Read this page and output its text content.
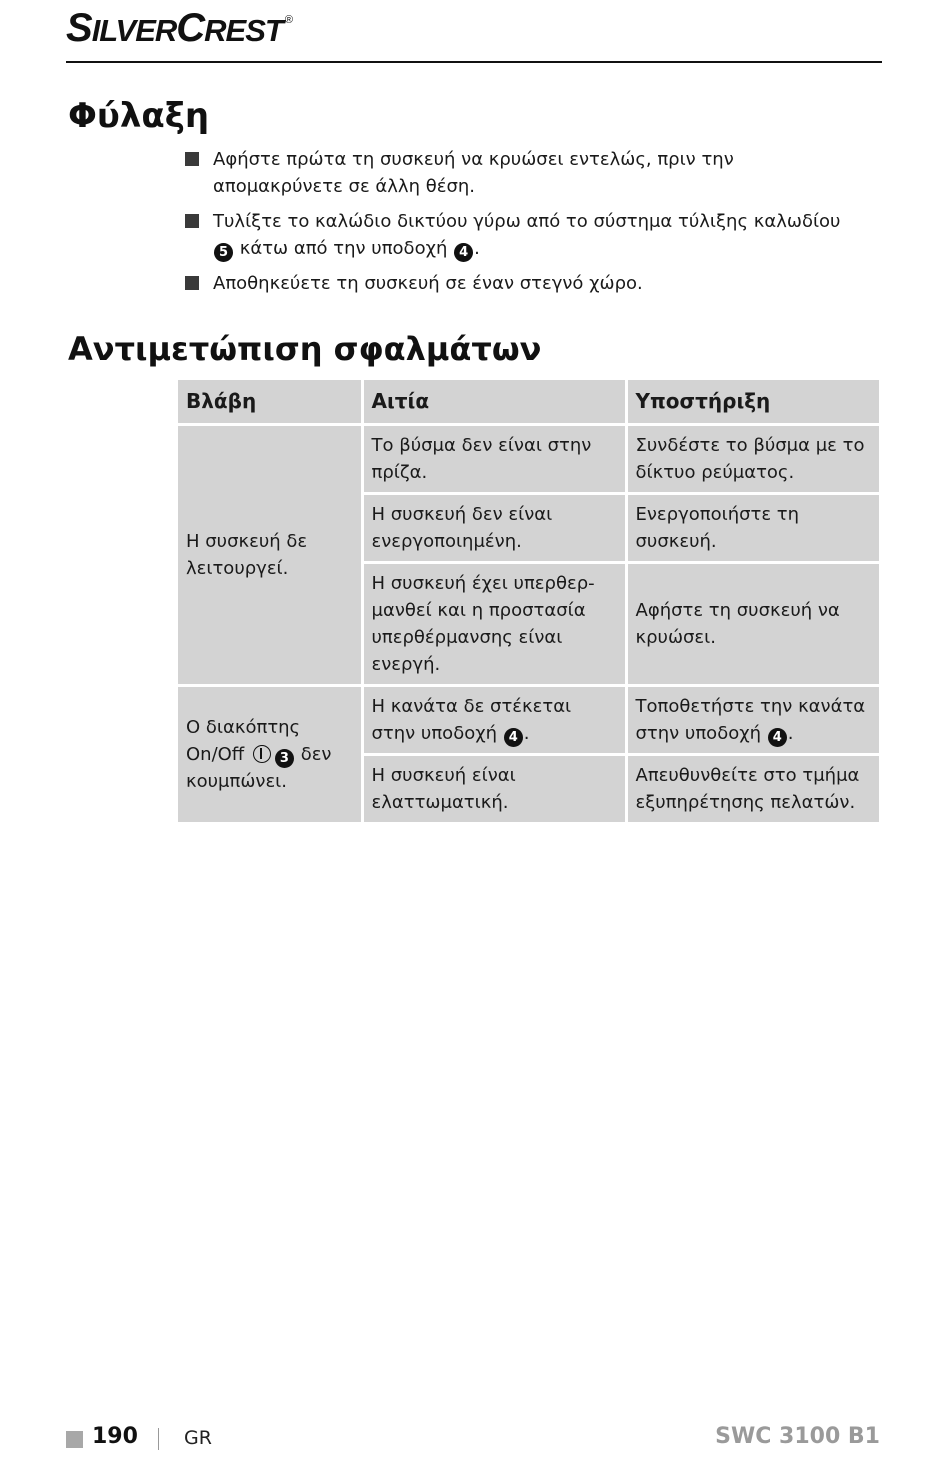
SILVERCREST ®
Φύλαξη
Αφήστε πρώτα τη συσκευή να κρυώσει εντελώς, πριν την απομακρύνετε σε άλλη θέση.
Τυλίξτε το καλώδιο δικτύου γύρω από το σύστημα τύλιξης καλωδίου 5 κάτω από την υποδοχή 4 .
Αποθηκεύετε τη συσκευή σε έναν στεγνό χώρο.
Αντιμετώπιση σφαλμάτων
Βλάβη	Αιτία	Υποστήριξη
Η συσκευή δε λειτουργεί.	Το βύσμα δεν είναι στην πρίζα.	Συνδέστε το βύσμα με το δίκτυο ρεύματος.
	Η συσκευή δεν είναι ενεργοποιημένη.	Ενεργοποιήστε τη συσκευή.
	Η συσκευή έχει υπερθερμανθεί και η προστασία υπερθέρμανσης είναι ενεργή.	Αφήστε τη συσκευή να κρυώσει.
Ο διακόπτης On/Off 3 δεν κουμπώνει.	Η κανάτα δε στέκεται στην υποδοχή 4 .	Τοποθετήστε την κανάτα στην υποδοχή 4 .
	Η συσκευή είναι ελαττωματική.	Απευθυνθείτε στο τμήμα εξυπηρέτησης πελατών.
190 GR	SWC 3100 B1
